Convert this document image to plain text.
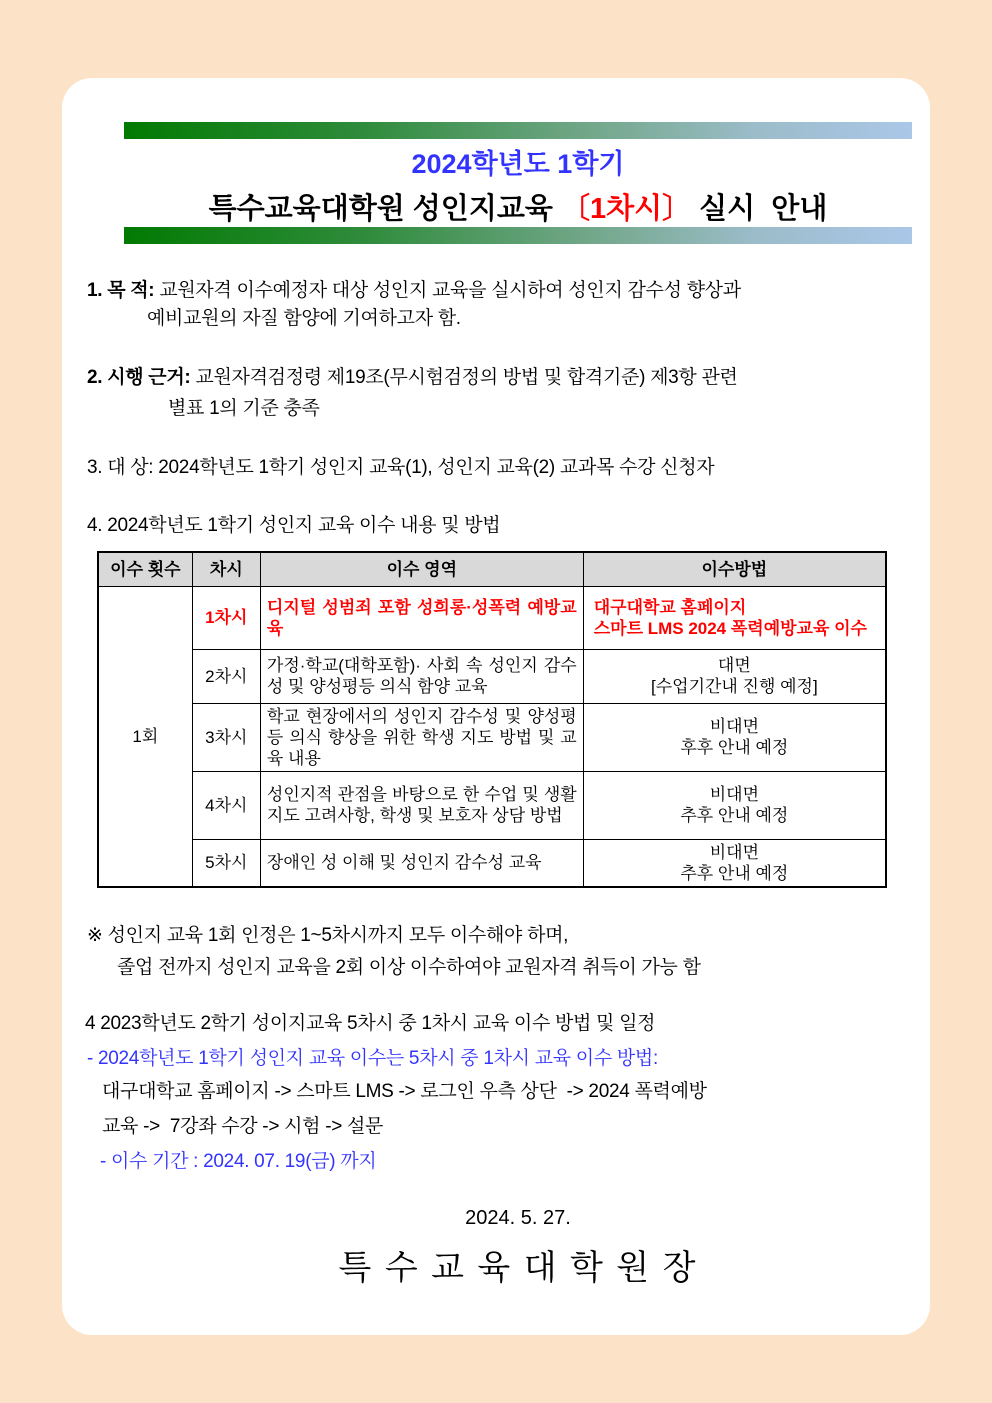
2024학년도 1학기
특수교육대학원 성인지교육 〔1차시〕 실시  안내
1. 목 적: 교원자격 이수예정자 대상 성인지 교육을 실시하여 성인지 감수성 향상과
예비교원의 자질 함양에 기여하고자 함.
2. 시행 근거: 교원자격검정령 제19조(무시험검정의 방법 및 합격기준) 제3항 관련
별표 1의 기준 충족
3. 대 상: 2024학년도 1학기 성인지 교육(1), 성인지 교육(2) 교과목 수강 신청자
4. 2024학년도 1학기 성인지 교육 이수 내용 및 방법
이수 횟수	차시	이수 영역	이수방법
1회	1차시	디지털 성범죄 포함 성희롱·성폭력 예방교육	대구대학교 홈페이지
스마트 LMS 2024 폭력예방교육 이수

	2차시	가정·학교(대학포함)· 사회 속 성인지 감수성 및 양성평등 의식 함양 교육	대면
[수업기간내 진행 예정]

	3차시	학교 현장에서의 성인지 감수성 및 양성평등 의식 향상을 위한 학생 지도 방법 및 교육 내용	비대면
후후 안내 예정

	4차시	성인지적 관점을 바탕으로 한 수업 및 생활지도 고려사항, 학생 및 보호자 상담 방법	비대면
추후 안내 예정

	5차시	장애인 성 이해 및 성인지 감수성 교육	비대면
추후 안내 예정
※ 성인지 교육 1회 인정은 1~5차시까지 모두 이수해야 하며,
졸업 전까지 성인지 교육을 2회 이상 이수하여야 교원자격 취득이 가능 함
4 2023학년도 2학기 성이지교육 5차시 중 1차시 교육 이수 방법 및 일정
- 2024학년도 1학기 성인지 교육 이수는 5차시 중 1차시 교육 이수 방법:
대구대학교 홈페이지 -> 스마트 LMS -> 로그인 우측 상단  -> 2024 폭력예방
교육 ->  7강좌 수강 -> 시험 -> 설문
- 이수 기간 : 2024. 07. 19(금) 까지
2024. 5. 27.
특 수 교 육 대 학 원 장
